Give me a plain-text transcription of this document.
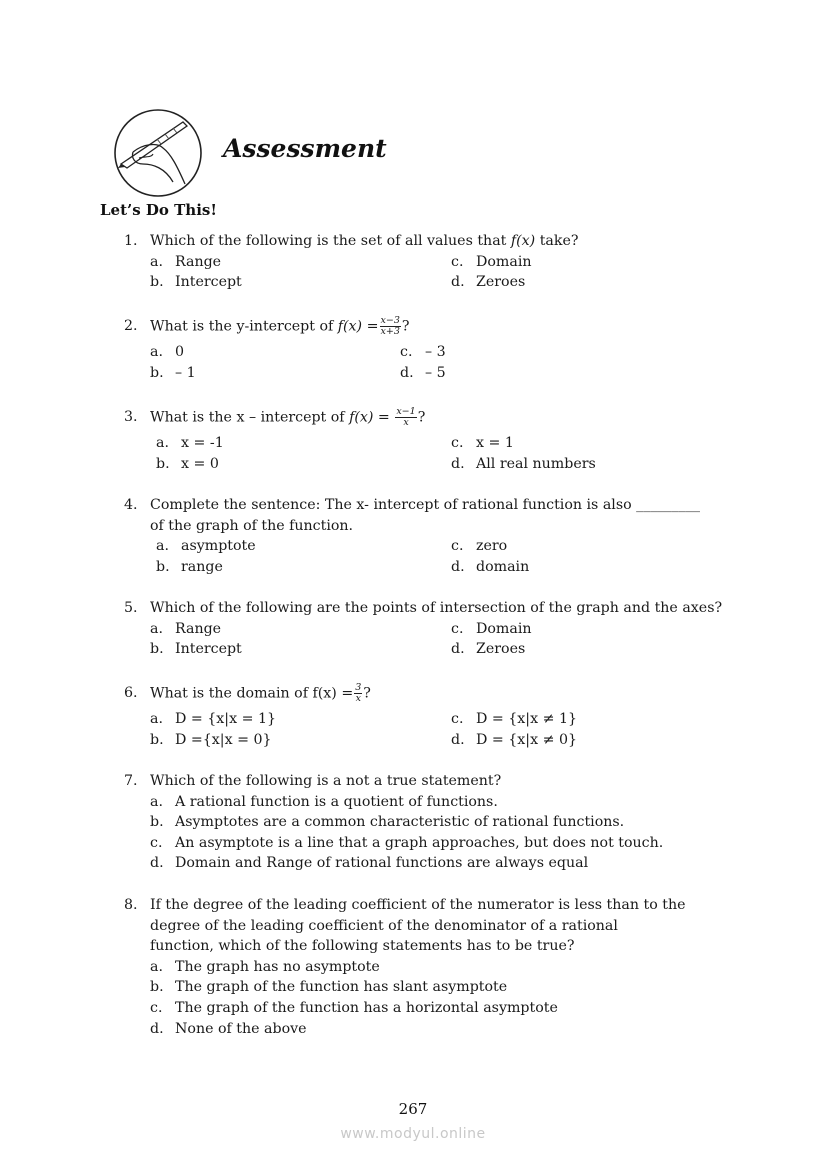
Assessment
Let’s Do This!
1. Which of the following is the set of all values that f(x) take?
a. Range
b. Intercept
c. Domain
d. Zeroes
2. What is the y-intercept of $f(x) = \frac{x-3}{x+3}$ ?
a. 0
b. – 1
c. – 3
d. – 5
3. What is the x – intercept of $f(x) = \frac{x-1}{x}$ ?
a. x = -1
b. x = 0
c. x = 1
d. All real numbers
4. Complete the sentence: The x- intercept of rational function is also _________
of the graph of the function.
a. asymptote
b. range
c. zero
d. domain
5. Which of the following are the points of intersection of the graph and the axes?
a. Range
b. Intercept
c. Domain
d. Zeroes
6. What is the domain of $f(x) = \frac{3}{x}$ ?
a. D = {x|x = 1}
b. D ={x|x = 0}
c. D = {x|x ≠ 1}
d. D = {x|x ≠ 0}
7. Which of the following is a not a true statement?
a. A rational function is a quotient of functions.
b. Asymptotes are a common characteristic of rational functions.
c. An asymptote is a line that a graph approaches, but does not touch.
d. Domain and Range of rational functions are always equal
8. If the degree of the leading coefficient of the numerator is less than to the
degree of the leading coefficient of the denominator of a rational
function, which of the following statements has to be true?
a. The graph has no asymptote
b. The graph of the function has slant asymptote
c. The graph of the function has a horizontal asymptote
d. None of the above
267
www.modyul.online
